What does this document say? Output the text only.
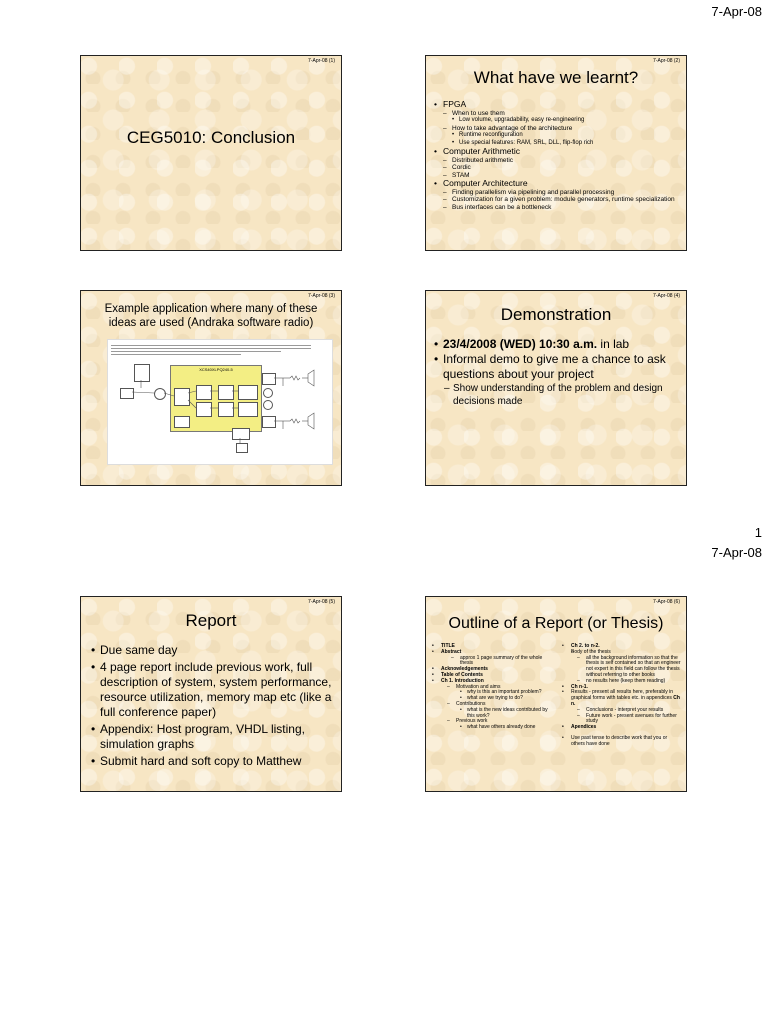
7-Apr-08
7-Apr-08 (1)
CEG5010: Conclusion
7-Apr-08 (2)
What have we learnt?
• FPGA
– When to use them
• Low volume, upgradability, easy re-engineering
– How to take advantage of the architecture
• Runtime reconfiguration
• Use special features: RAM, SRL, DLL, flip-flop rich
• Computer Arithmetic
– Distributed arithmetic
– Cordic
– STAM
• Computer Architecture
– Finding parallelism via pipelining and parallel processing
– Customization for a given problem: module generators, runtime specialization
– Bus interfaces can be a bottleneck
7-Apr-08 (3)
Example application where many of these ideas are used (Andraka software radio)
XCS40XLPQ240-5
7-Apr-08 (4)
Demonstration
• 23/4/2008 (WED) 10:30 a.m. in lab
• Informal demo to give me a chance to ask questions about your project
– Show understanding of the problem and design decisions made
1
7-Apr-08
7-Apr-08 (5)
Report
• Due same day
• 4 page report include previous work, full description of system, system performance, resource utilization, memory map etc (like a full conference paper)
• Appendix: Host program, VHDL listing, simulation graphs
• Submit hard and soft copy to Matthew
7-Apr-08 (6)
Outline of a Report (or Thesis)
• TITLE
• Abstract
– approx 1 page summary of the whole thesis
• Acknowledgements
• Table of Contents
• Ch 1. Introduction
– Motivation and aims
• why is this an important problem?
• what are we trying to do?
– Contributions
• what is the new ideas contributed by this work?
– Previous work
• what have others already done
• Ch 2. to n-2.
– Body of the thesis
– all the background information so that the thesis is self contained so that an engineer not expert in this field can follow the thesis without referring to other books
– no results here (keep them reading)
• Ch n-1.
• Results - present all results here, preferably in graphical forms with tables etc. in appendices Ch n.
– Conclusions - interpret your results
– Future work - present avenues for further study
• Apendices
• Use past tense to describe work that you or others have done
